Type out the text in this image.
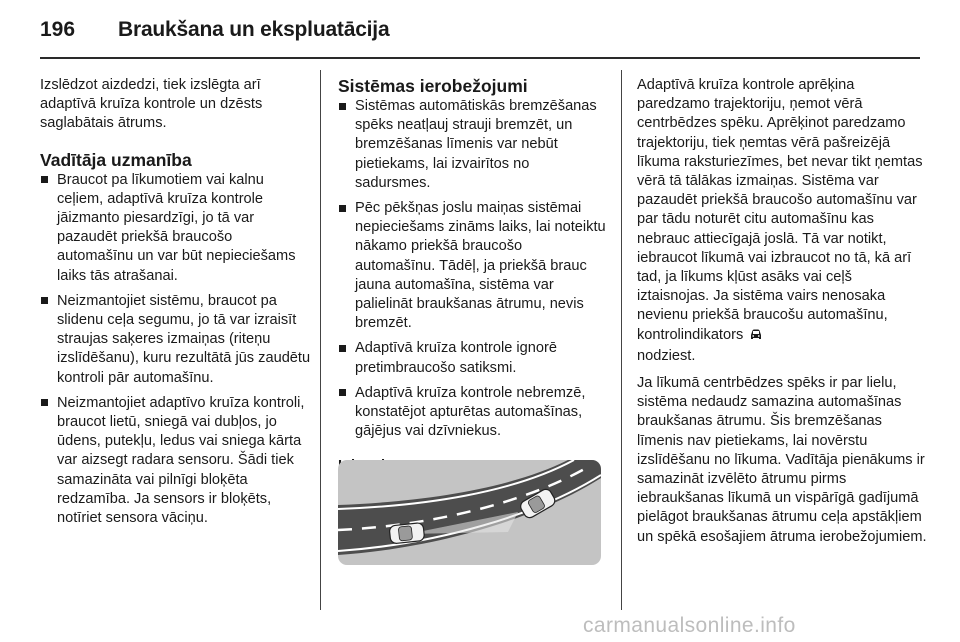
196 Braukšana un ekspluatācija

Izslēdzot aizdedzi, tiek izslēgta arī adaptīvā kruīza kontrole un dzēsts saglabātais ātrums.

Vadītāja uzmanība
Braucot pa līkumotiem vai kalnu ceļiem, adaptīvā kruīza kontrole jāizmanto piesardzīgi, jo tā var pazaudēt priekšā braucošo automašīnu un var būt nepieciešams laiks tās atrašanai.
Neizmantojiet sistēmu, braucot pa slidenu ceļa segumu, jo tā var izraisīt straujas saķeres izmaiņas (riteņu izslīdēšanu), kuru rezultātā jūs zaudētu kontroli pār automašīnu.
Neizmantojiet adaptīvo kruīza kontroli, braucot lietū, sniegā vai dubļos, jo ūdens, putekļu, ledus vai sniega kārta var aizsegt radara sensoru. Šādi tiek samazināta vai pilnīgi bloķēta redzamība. Ja sensors ir bloķēts, notīriet sensora vāciņu.
Sistēmas ierobežojumi
Sistēmas automātiskās bremzēšanas spēks neatļauj strauji bremzēt, un bremzēšanas līmenis var nebūt pietiekams, lai izvairītos no sadursmes.
Pēc pēkšņas joslu maiņas sistēmai nepieciešams zināms laiks, lai noteiktu nākamo priekšā braucošo automašīnu. Tādēļ, ja priekšā brauc jauna automašīna, sistēma var palielināt braukšanas ātrumu, nevis bremzēt.
Adaptīvā kruīza kontrole ignorē pretimbraucošo satiksmi.
Adaptīvā kruīza kontrole nebremzē, konstatējot apturētas automašīnas, gājējus vai dzīvniekus.

Adaptīvā kruīza kontrole aprēķina paredzamo trajektoriju, ņemot vērā centrbēdzes spēku. Aprēķinot paredzamo trajektoriju, tiek ņemtas vērā pašreizējā līkuma raksturiezīmes, bet nevar tikt ņemtas vērā tā tālākas izmaiņas. Sistēma var pazaudēt priekšā braucošo automašīnu var par tādu noturēt citu automašīnu kas nebrauc attiecīgajā joslā. Tā var notikt, iebraucot līkumā vai izbraucot no tā, kā arī tad, ja līkums kļūst asāks vai ceļš iztaisnojas. Ja sistēma vairs nenosaka nevienu priekšā braucošu automašīnu, kontrolindikators
nodziest.

Ja līkumā centrbēdzes spēks ir par lielu, sistēma nedaudz samazina automašīnas braukšanas ātrumu. Šis bremzēšanas līmenis nav pietiekams, lai novērstu izslīdēšanu no līkuma. Vadītāja pienākums ir samazināt izvēlēto ātrumu pirms iebraukšanas līkumā un vispārīgā gadījumā pielāgot braukšanas ātrumu ceļa apstākļiem un spēkā esošajiem ātruma ierobežojumiem.

carmanualsonline.info
